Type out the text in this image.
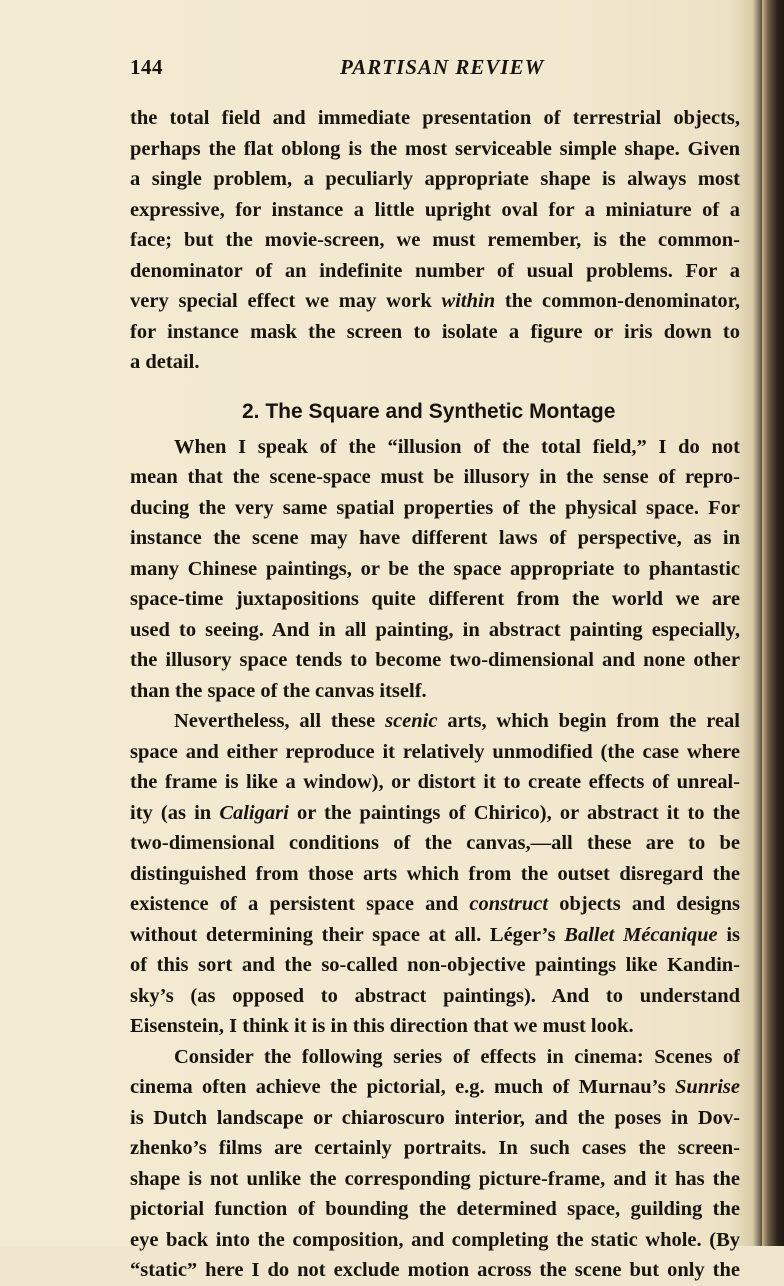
144	PARTISAN REVIEW
the total field and immediate presentation of terrestrial objects,
perhaps the flat oblong is the most serviceable simple shape. Given
a single problem, a peculiarly appropriate shape is always most
expressive, for instance a little upright oval for a miniature of a
face; but the movie-screen, we must remember, is the common-
denominator of an indefinite number of usual problems. For a
very special effect we may work within the common-denominator,
for instance mask the screen to isolate a figure or iris down to
a detail.
2. The Square and Synthetic Montage
When I speak of the “illusion of the total field,” I do not
mean that the scene-space must be illusory in the sense of repro-
ducing the very same spatial properties of the physical space. For
instance the scene may have different laws of perspective, as in
many Chinese paintings, or be the space appropriate to phantastic
space-time juxtapositions quite different from the world we are
used to seeing. And in all painting, in abstract painting especially,
the illusory space tends to become two-dimensional and none other
than the space of the canvas itself.
Nevertheless, all these scenic arts, which begin from the real
space and either reproduce it relatively unmodified (the case where
the frame is like a window), or distort it to create effects of unreal-
ity (as in Caligari or the paintings of Chirico), or abstract it to the
two-dimensional conditions of the canvas,—all these are to be
distinguished from those arts which from the outset disregard the
existence of a persistent space and construct objects and designs
without determining their space at all. Léger’s Ballet Mécanique is
of this sort and the so-called non-objective paintings like Kandin-
sky’s (as opposed to abstract paintings). And to understand
Eisenstein, I think it is in this direction that we must look.
Consider the following series of effects in cinema: Scenes of
cinema often achieve the pictorial, e.g. much of Murnau’s Sunrise
is Dutch landscape or chiaroscuro interior, and the poses in Dov-
zhenko’s films are certainly portraits. In such cases the screen-
shape is not unlike the corresponding picture-frame, and it has the
pictorial function of bounding the determined space, guilding the
eye back into the composition, and completing the static whole. (By
“static” here I do not exclude motion across the scene but only the
